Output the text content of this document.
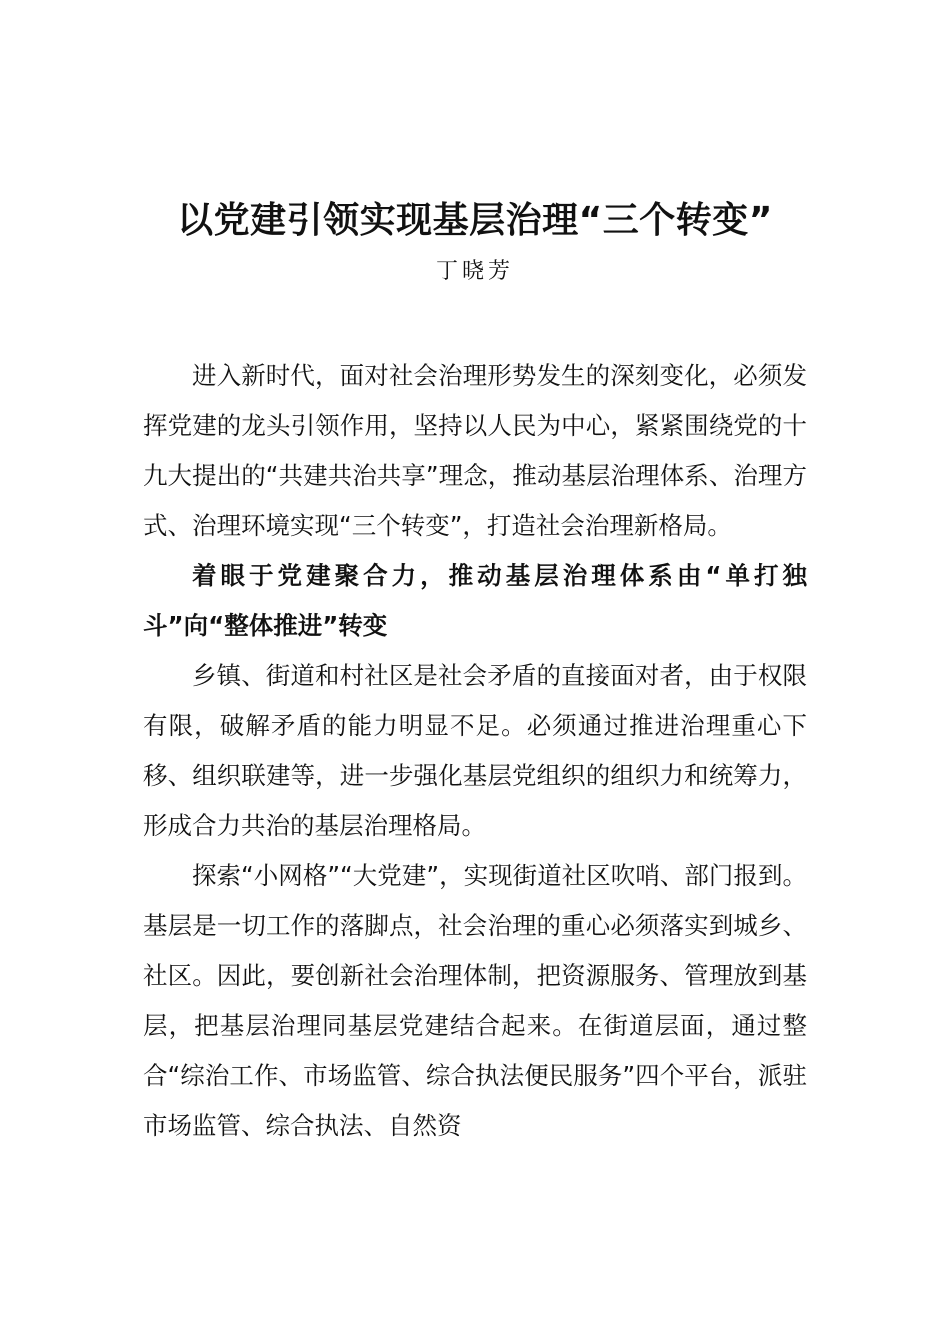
以党建引领实现基层治理“三个转变”
丁晓芳

进入新时代，面对社会治理形势发生的深刻变化，必须发挥党建的龙头引领作用，坚持以人民为中心，紧紧围绕党的十九大提出的“共建共治共享”理念，推动基层治理体系、治理方式、治理环境实现“三个转变”，打造社会治理新格局。

着眼于党建聚合力，推动基层治理体系由“单打独斗”向“整体推进”转变

乡镇、街道和村社区是社会矛盾的直接面对者，由于权限有限，破解矛盾的能力明显不足。必须通过推进治理重心下移、组织联建等，进一步强化基层党组织的组织力和统筹力，形成合力共治的基层治理格局。

探索“小网格”“大党建”，实现街道社区吹哨、部门报到。基层是一切工作的落脚点，社会治理的重心必须落实到城乡、社区。因此，要创新社会治理体制，把资源服务、管理放到基层，把基层治理同基层党建结合起来。在街道层面，通过整合“综治工作、市场监管、综合执法便民服务”四个平台，派驻市场监管、综合执法、自然资
